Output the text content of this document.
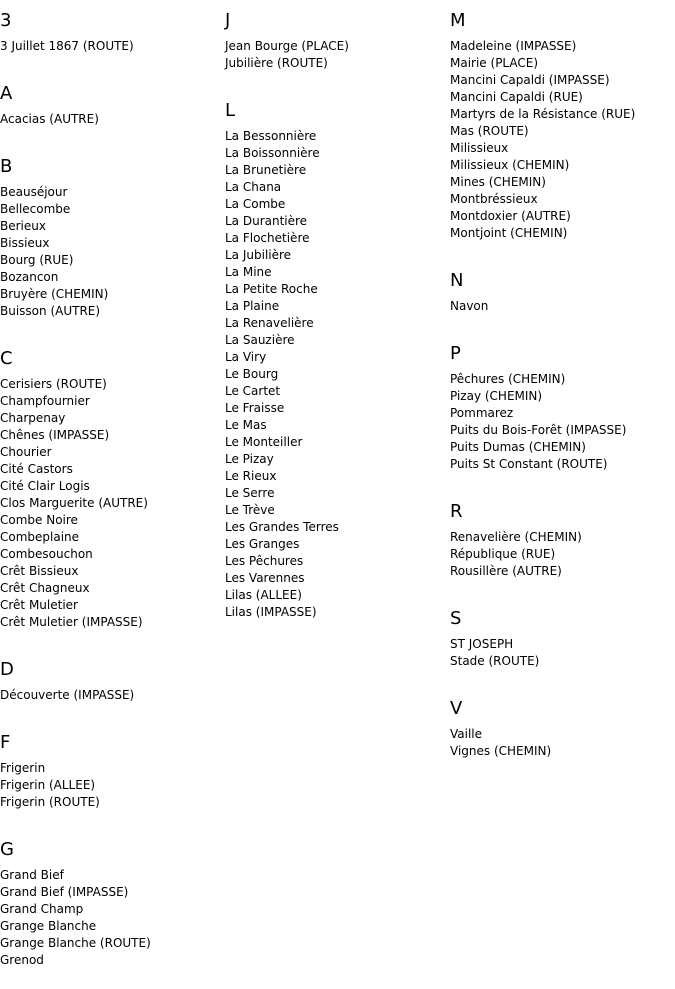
3
3 Juillet 1867 (ROUTE)
A
Acacias (AUTRE)
B
Beauséjour
Bellecombe
Berieux
Bissieux
Bourg (RUE)
Bozancon
Bruyère (CHEMIN)
Buisson (AUTRE)
C
Cerisiers (ROUTE)
Champfournier
Charpenay
Chênes (IMPASSE)
Chourier
Cité Castors
Cité Clair Logis
Clos Marguerite (AUTRE)
Combe Noire
Combeplaine
Combesouchon
Crêt Bissieux
Crêt Chagneux
Crêt Muletier
Crêt Muletier (IMPASSE)
D
Découverte (IMPASSE)
F
Frigerin
Frigerin (ALLEE)
Frigerin (ROUTE)
G
Grand Bief
Grand Bief (IMPASSE)
Grand Champ
Grange Blanche
Grange Blanche (ROUTE)
Grenod
J
Jean Bourge (PLACE)
Jubilière (ROUTE)
L
La Bessonnière
La Boissonnière
La Brunetière
La Chana
La Combe
La Durantière
La Flochetière
La Jubilière
La Mine
La Petite Roche
La Plaine
La Renavelière
La Sauzière
La Viry
Le Bourg
Le Cartet
Le Fraisse
Le Mas
Le Monteiller
Le Pizay
Le Rieux
Le Serre
Le Trève
Les Grandes Terres
Les Granges
Les Pêchures
Les Varennes
Lilas (ALLEE)
Lilas (IMPASSE)
M
Madeleine (IMPASSE)
Mairie (PLACE)
Mancini Capaldi (IMPASSE)
Mancini Capaldi (RUE)
Martyrs de la Résistance (RUE)
Mas (ROUTE)
Milissieux
Milissieux (CHEMIN)
Mines (CHEMIN)
Montbréssieux
Montdoxier (AUTRE)
Montjoint (CHEMIN)
N
Navon
P
Pêchures (CHEMIN)
Pizay (CHEMIN)
Pommarez
Puits du Bois-Forêt (IMPASSE)
Puits Dumas (CHEMIN)
Puits St Constant (ROUTE)
R
Renavelière (CHEMIN)
République (RUE)
Rousillère (AUTRE)
S
ST JOSEPH
Stade (ROUTE)
V
Vaille
Vignes (CHEMIN)
